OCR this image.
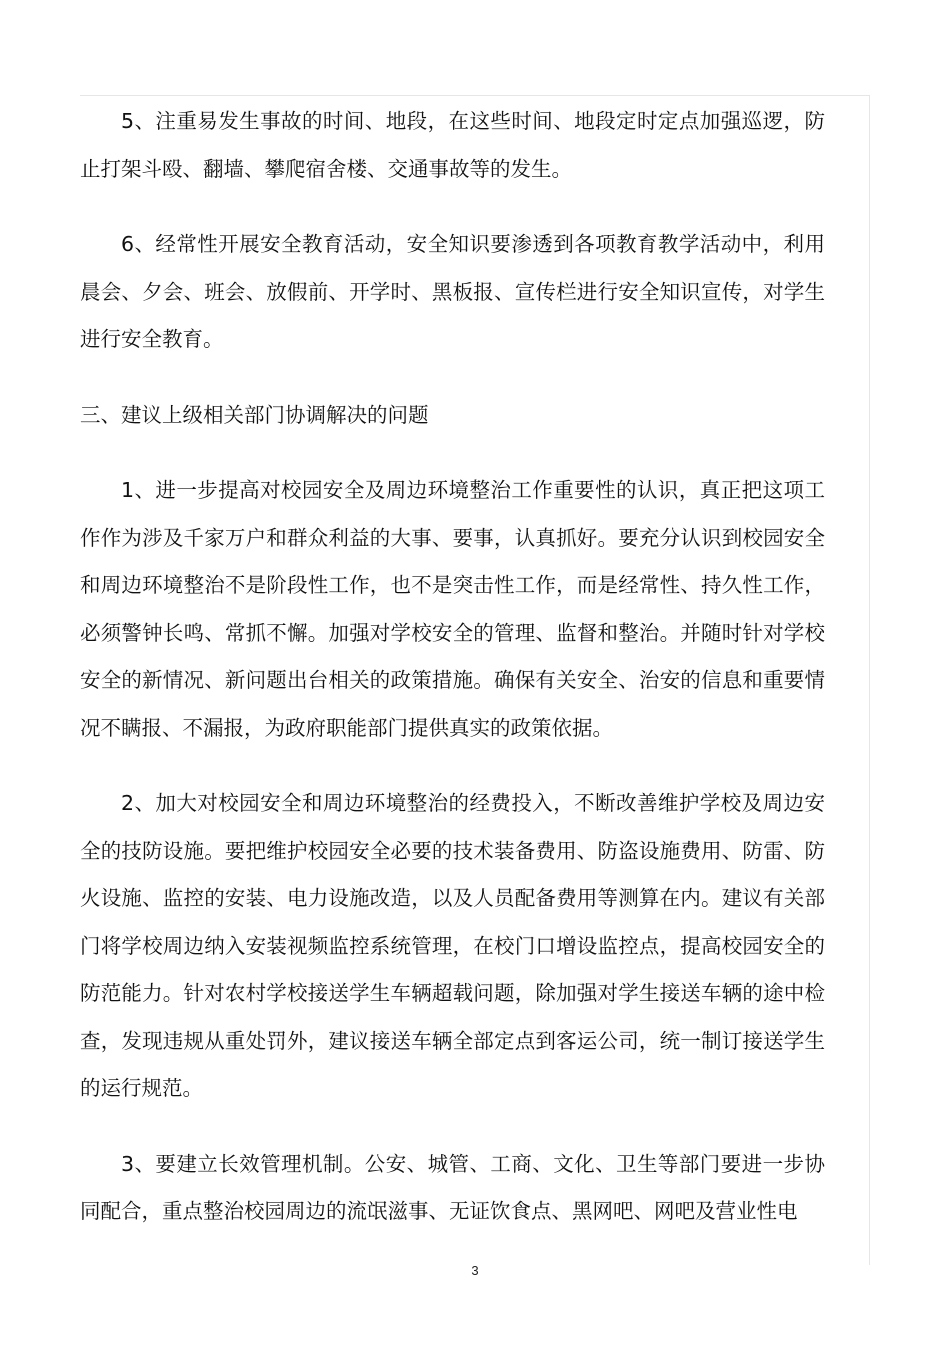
5、注重易发生事故的时间、地段，在这些时间、地段定时定点加强巡逻，防止打架斗殴、翻墙、攀爬宿舍楼、交通事故等的发生。

6、经常性开展安全教育活动，安全知识要渗透到各项教育教学活动中，利用晨会、夕会、班会、放假前、开学时、黑板报、宣传栏进行安全知识宣传，对学生进行安全教育。

三、建议上级相关部门协调解决的问题

1、进一步提高对校园安全及周边环境整治工作重要性的认识，真正把这项工作作为涉及千家万户和群众利益的大事、要事，认真抓好。要充分认识到校园安全和周边环境整治不是阶段性工作，也不是突击性工作，而是经常性、持久性工作，必须警钟长鸣、常抓不懈。加强对学校安全的管理、监督和整治。并随时针对学校安全的新情况、新问题出台相关的政策措施。确保有关安全、治安的信息和重要情况不瞒报、不漏报，为政府职能部门提供真实的政策依据。

2、加大对校园安全和周边环境整治的经费投入，不断改善维护学校及周边安全的技防设施。要把维护校园安全必要的技术装备费用、防盗设施费用、防雷、防火设施、监控的安装、电力设施改造，以及人员配备费用等测算在内。建议有关部门将学校周边纳入安装视频监控系统管理，在校门口增设监控点，提高校园安全的防范能力。针对农村学校接送学生车辆超载问题，除加强对学生接送车辆的途中检查，发现违规从重处罚外，建议接送车辆全部定点到客运公司，统一制订接送学生的运行规范。

3、要建立长效管理机制。公安、城管、工商、文化、卫生等部门要进一步协同配合，重点整治校园周边的流氓滋事、无证饮食点、黑网吧、网吧及营业性电

3
